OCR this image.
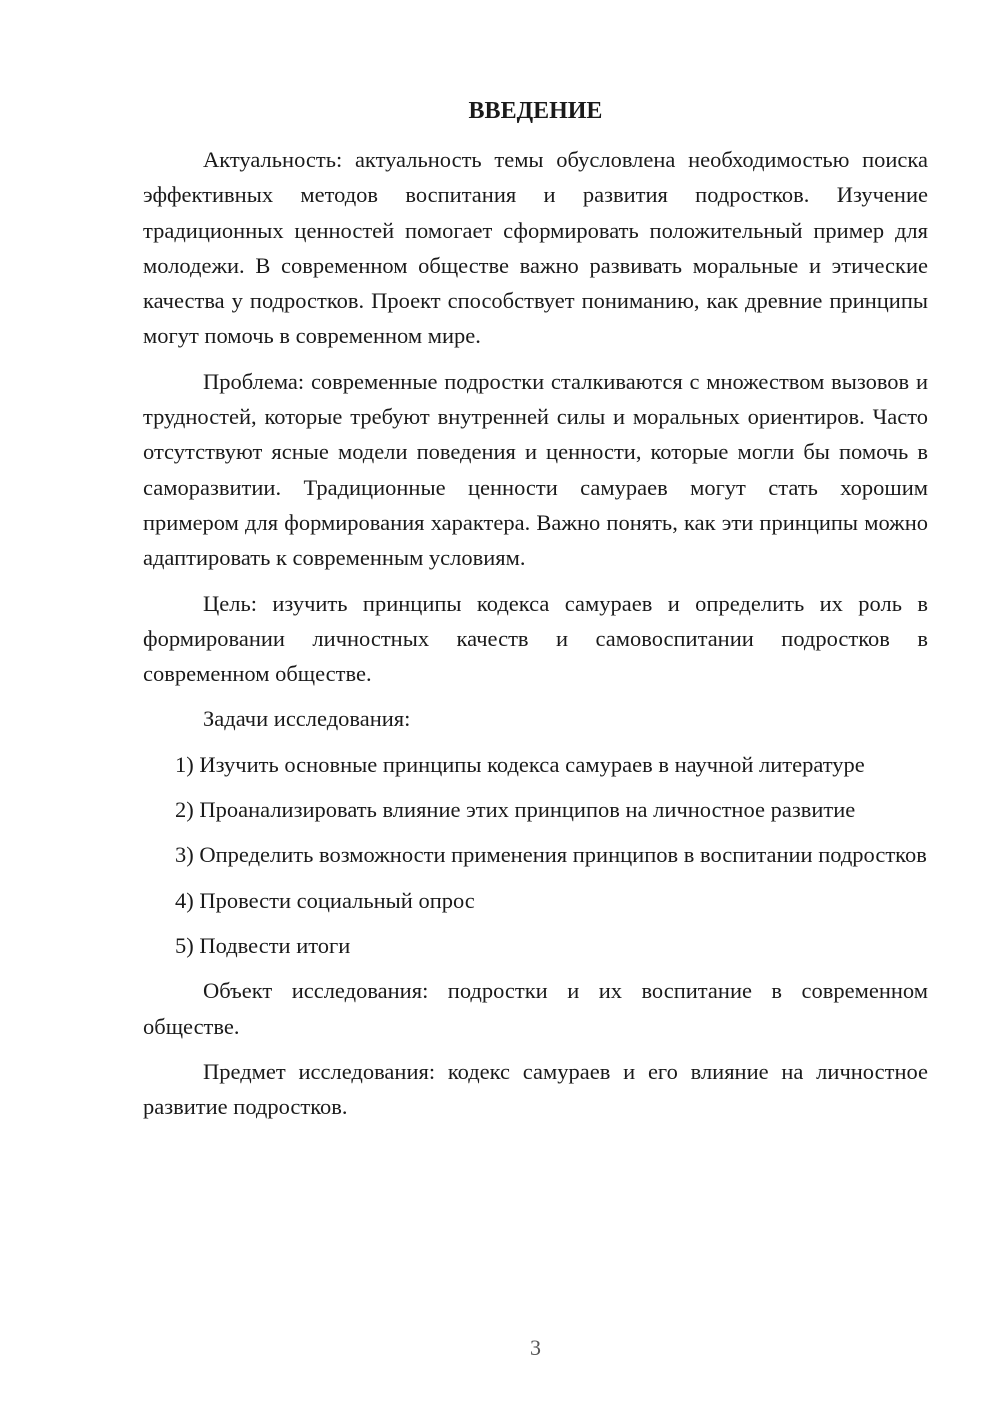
ВВЕДЕНИЕ

Актуальность: актуальность темы обусловлена необходимостью поиска эффективных методов воспитания и развития подростков. Изучение традиционных ценностей помогает сформировать положительный пример для молодежи. В современном обществе важно развивать моральные и этические качества у подростков. Проект способствует пониманию, как древние принципы могут помочь в современном мире.

Проблема: современные подростки сталкиваются с множеством вызовов и трудностей, которые требуют внутренней силы и моральных ориентиров. Часто отсутствуют ясные модели поведения и ценности, которые могли бы помочь в саморазвитии. Традиционные ценности самураев могут стать хорошим примером для формирования характера. Важно понять, как эти принципы можно адаптировать к современным условиям.

Цель: изучить принципы кодекса самураев и определить их роль в формировании личностных качеств и самовоспитании подростков в современном обществе.

Задачи исследования:

1) Изучить основные принципы кодекса самураев в научной литературе

2) Проанализировать влияние этих принципов на личностное развитие

3) Определить возможности применения принципов в воспитании подростков

4) Провести социальный опрос

5) Подвести итоги

Объект исследования: подростки и их воспитание в современном обществе.

Предмет исследования: кодекс самураев и его влияние на личностное развитие подростков.

3
